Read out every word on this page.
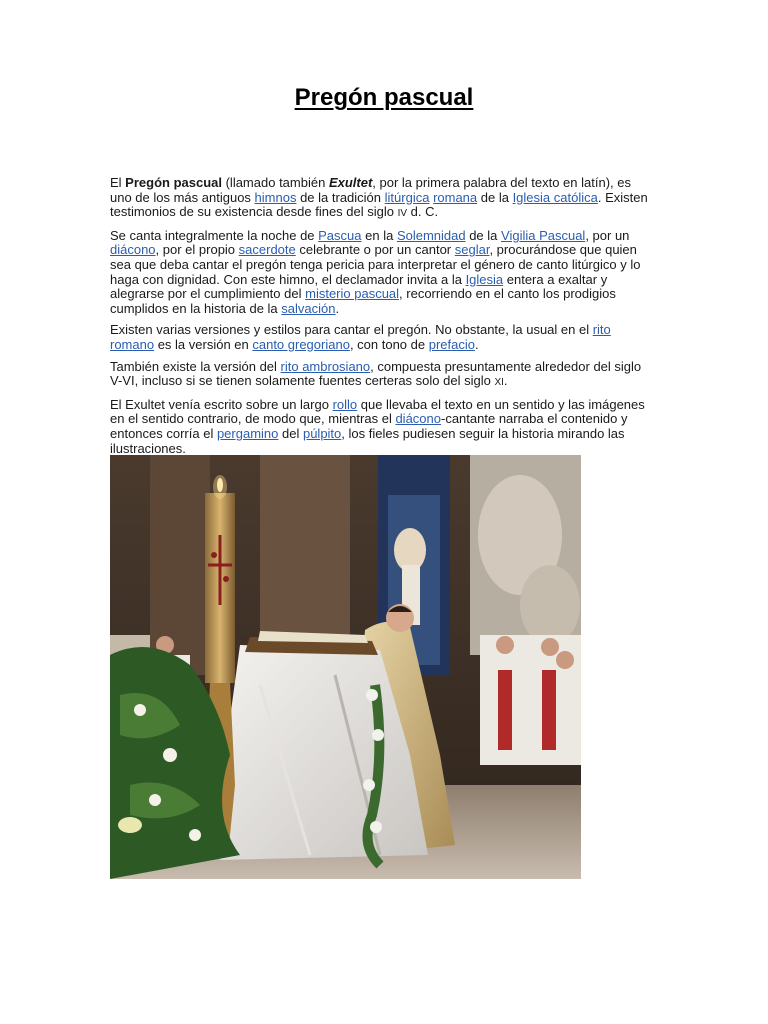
Pregón pascual

El Pregón pascual (llamado también Exultet, por la primera palabra del texto en latín), es uno de los más antiguos himnos de la tradición litúrgica romana de la Iglesia católica. Existen testimonios de su existencia desde fines del siglo IV d. C.

Se canta integralmente la noche de Pascua en la Solemnidad de la Vigilia Pascual, por un diácono, por el propio sacerdote celebrante o por un cantor seglar, procurándose que quien sea que deba cantar el pregón tenga pericia para interpretar el género de canto litúrgico y lo haga con dignidad. Con este himno, el declamador invita a la Iglesia entera a exaltar y alegrarse por el cumplimiento del misterio pascual, recorriendo en el canto los prodigios cumplidos en la historia de la salvación.

Existen varias versiones y estilos para cantar el pregón. No obstante, la usual en el rito romano es la versión en canto gregoriano, con tono de prefacio.

También existe la versión del rito ambrosiano, compuesta presuntamente alrededor del siglo V-VI, incluso si se tienen solamente fuentes certeras solo del siglo XI.

El Exultet venía escrito sobre un largo rollo que llevaba el texto en un sentido y las imágenes en el sentido contrario, de modo que, mientras el diácono-cantante narraba el contenido y entonces corría el pergamino del púlpito, los fieles pudiesen seguir la historia mirando las ilustraciones.
